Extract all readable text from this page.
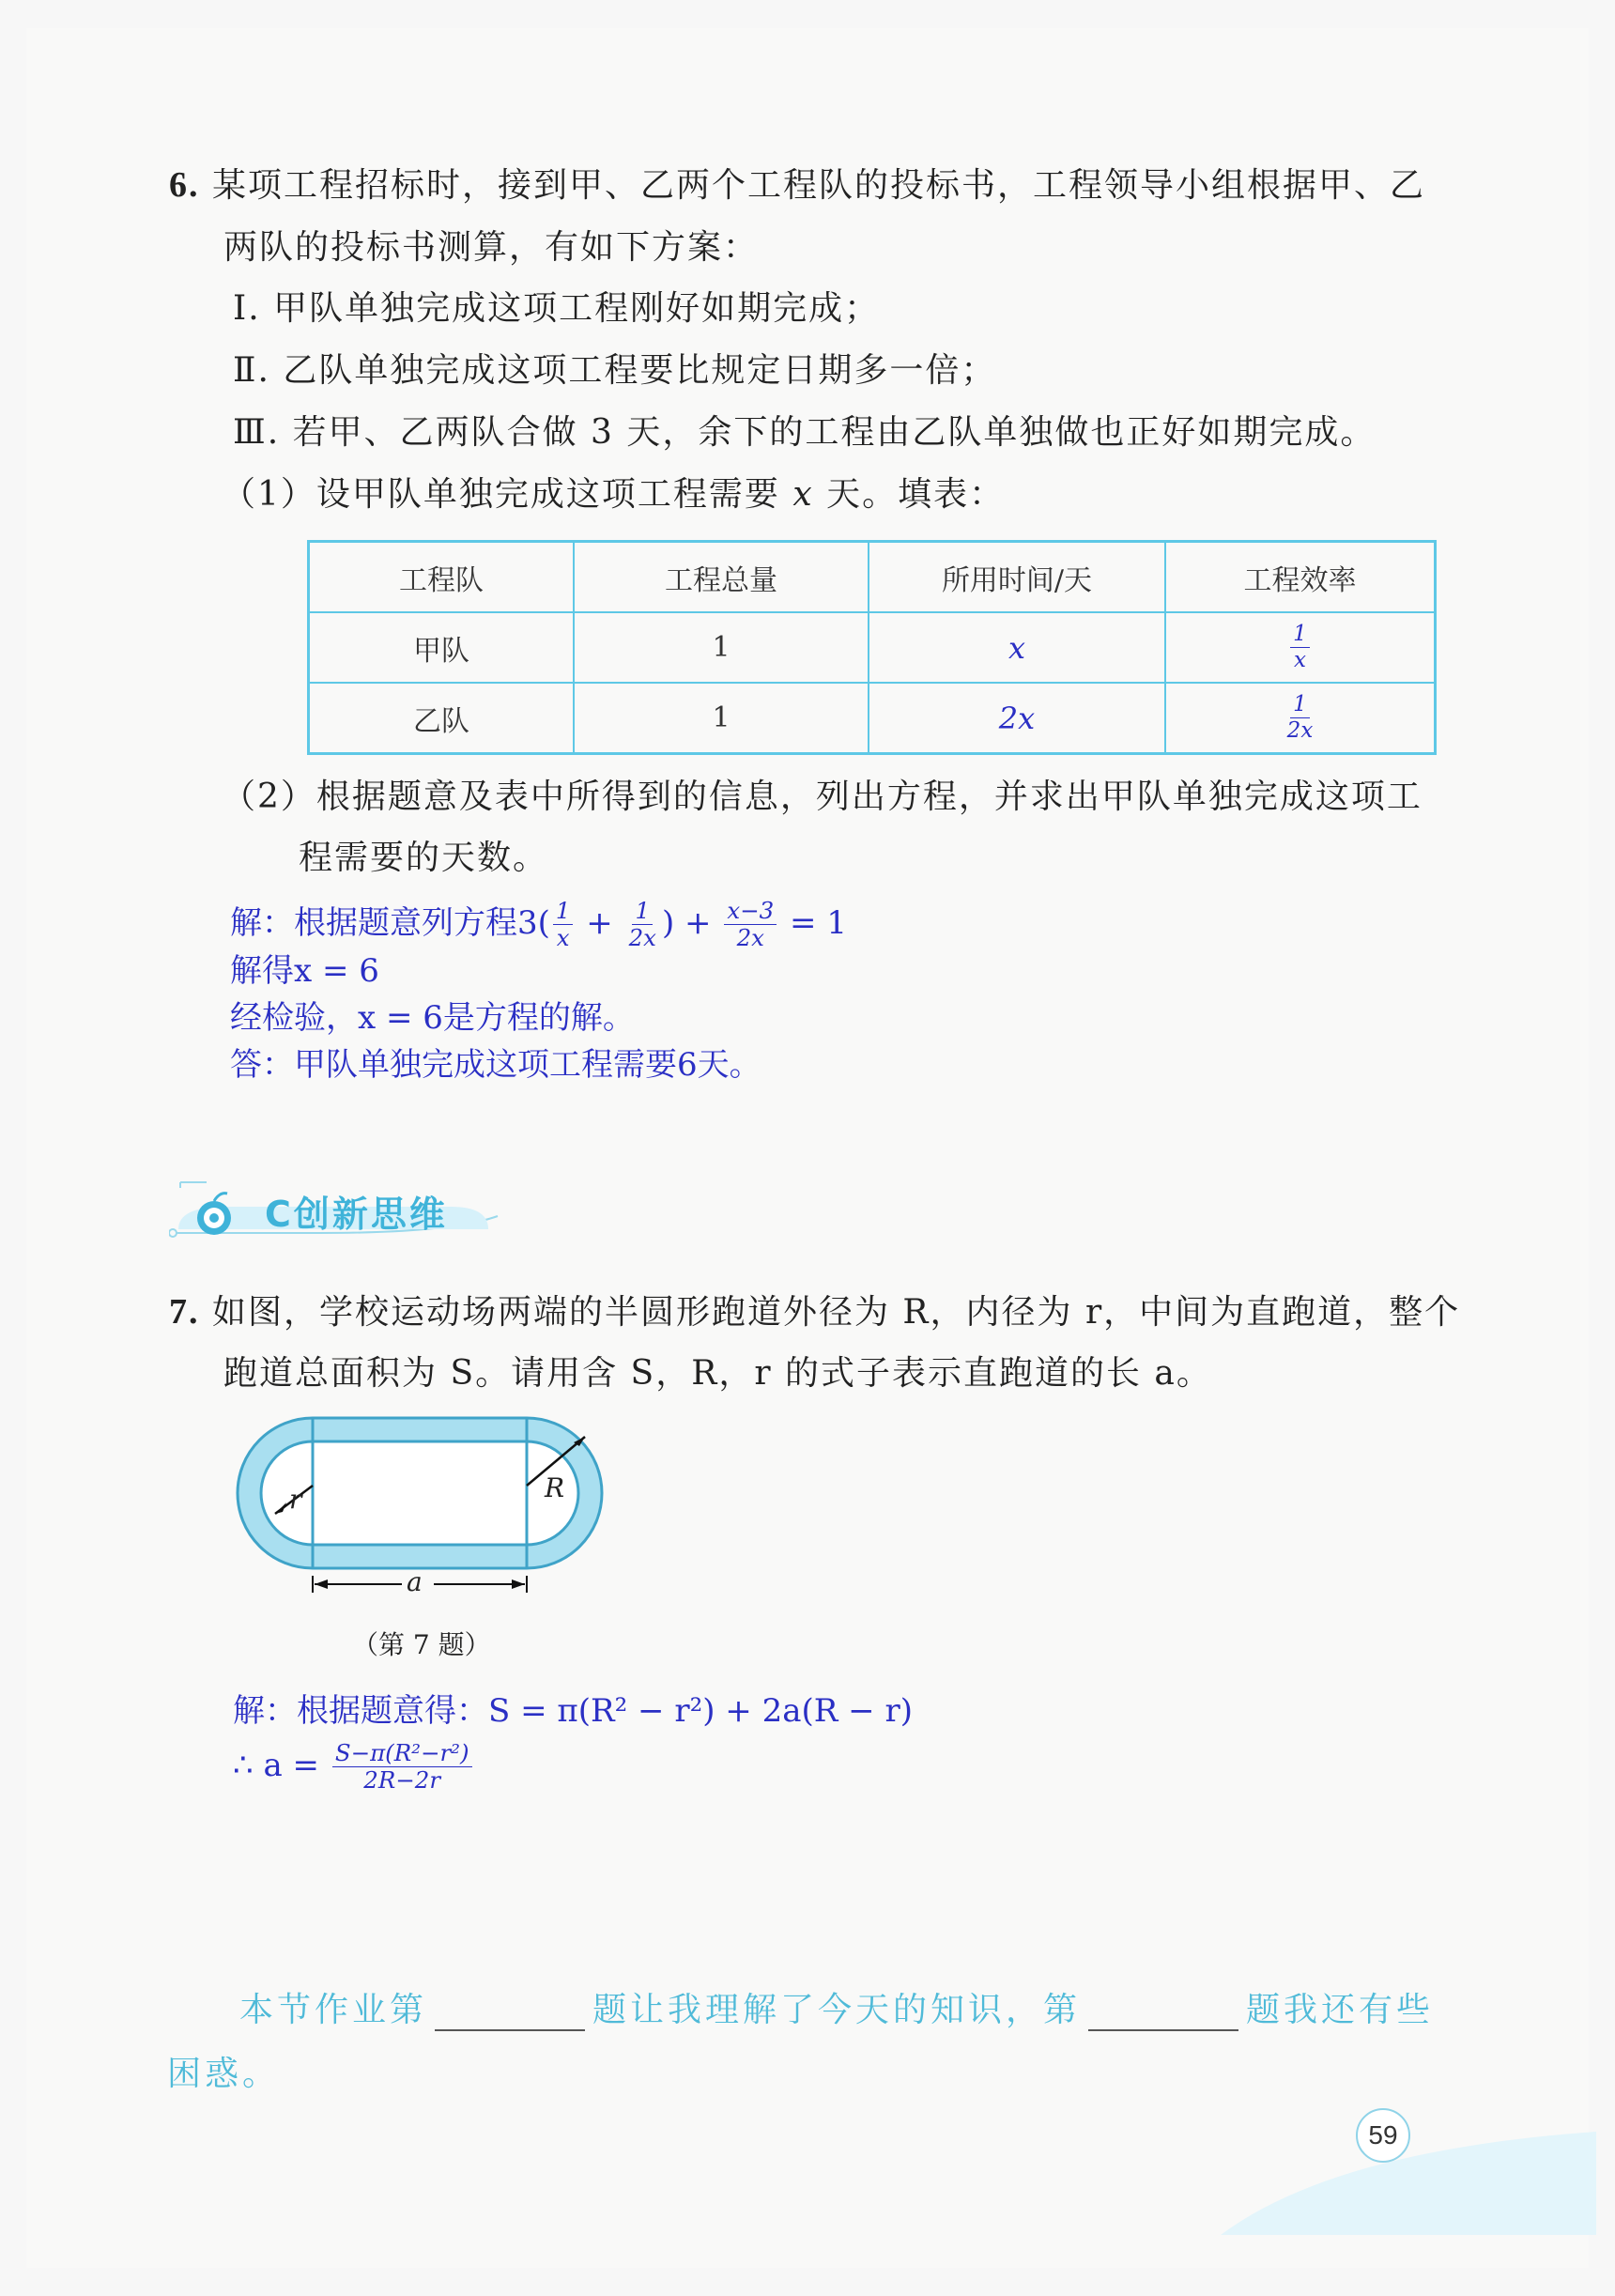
6. 某项工程招标时，接到甲、乙两个工程队的投标书，工程领导小组根据甲、乙
两队的投标书测算，有如下方案：
Ⅰ. 甲队单独完成这项工程刚好如期完成；
Ⅱ. 乙队单独完成这项工程要比规定日期多一倍；
Ⅲ. 若甲、乙两队合做 3 天，余下的工程由乙队单独做也正好如期完成。
（1）设甲队单独完成这项工程需要 x 天。填表：
工程队	工程总量	所用时间/天	工程效率
甲队	1	x	$\frac{1}{x}$

乙队	1	2x	$\frac{1}{2x}$
（2）根据题意及表中所得到的信息，列出方程，并求出甲队单独完成这项工
程需要的天数。
解：根据题意列方程$3( \frac{1}{x} + \frac{1}{2x}$ ) + $\frac{x-3}{2x} = 1$
解得x = 6
经检验，x = 6是方程的解。
答：甲队单独完成这项工程需要6天。
C创新思维
7. 如图，学校运动场两端的半圆形跑道外径为 R，内径为 r，中间为直跑道，整个
跑道总面积为 S。请用含 S，R，r 的式子表示直跑道的长 a。
r	R
a
（第 7 题）
解：根据题意得：S = π(R² − r²) + 2a(R − r)
∴ $a = \frac{\text{S−π(R²−r²)}}{2R-2r}$
本节作业第	题让我理解了今天的知识，第	题我还有些
困惑。
59
